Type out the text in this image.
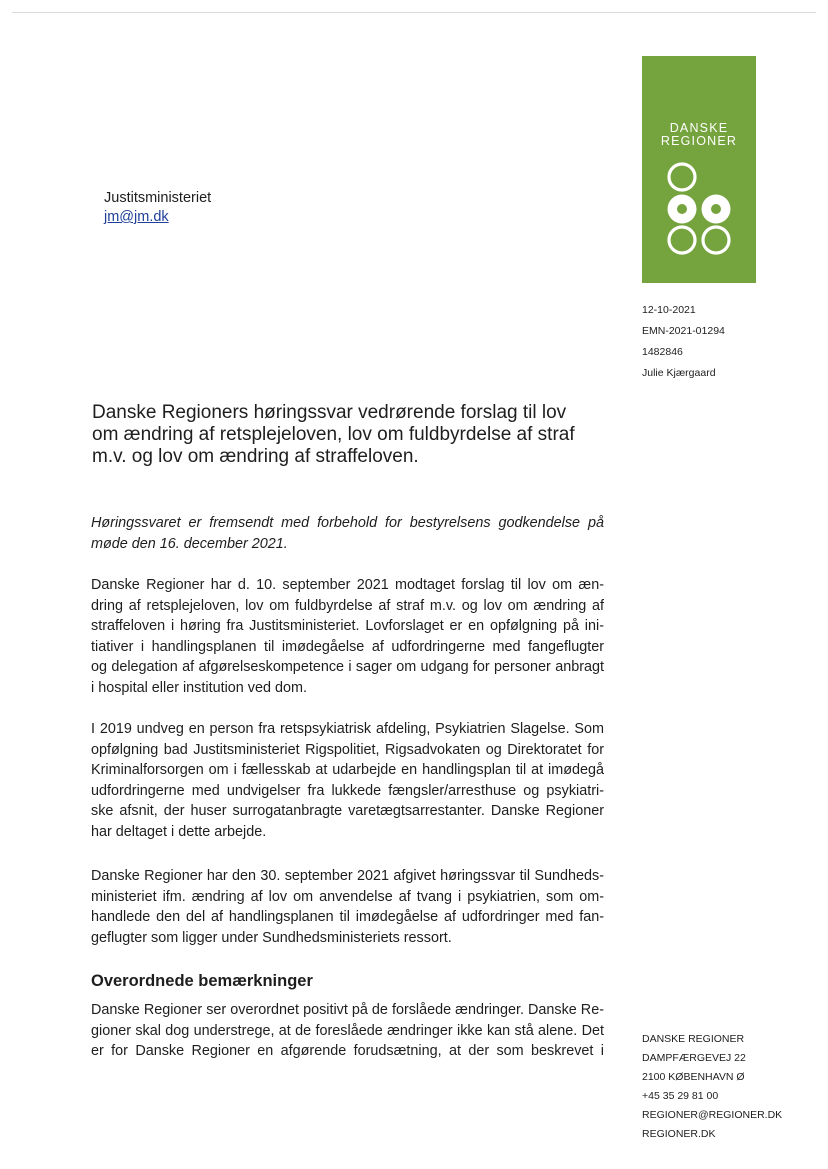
Justitsministeriet
jm@jm.dk
DANSKE
REGIONER
12-10-2021
EMN-2021-01294
1482846
Julie Kjærgaard
Danske Regioners høringssvar vedrørende forslag til lov om ændring af retsplejeloven, lov om fuldbyrdelse af straf m.v. og lov om ændring af straffeloven.
Høringssvaret er fremsendt med forbehold for bestyrelsens godkendelse på
møde den 16. december 2021.
Danske Regioner har d. 10. september 2021 modtaget forslag til lov om æn-
dring af retsplejeloven, lov om fuldbyrdelse af straf m.v. og lov om ændring af
straffeloven i høring fra Justitsministeriet. Lovforslaget er en opfølgning på ini-
tiativer i handlingsplanen til imødegåelse af udfordringerne med fangeflugter
og delegation af afgørelseskompetence i sager om udgang for personer anbragt
i hospital eller institution ved dom.
I 2019 undveg en person fra retspsykiatrisk afdeling, Psykiatrien Slagelse. Som
opfølgning bad Justitsministeriet Rigspolitiet, Rigsadvokaten og Direktoratet for
Kriminalforsorgen om i fællesskab at udarbejde en handlingsplan til at imødegå
udfordringerne med undvigelser fra lukkede fængsler/arresthuse og psykiatri-
ske afsnit, der huser surrogatanbragte varetægtsarrestanter. Danske Regioner
har deltaget i dette arbejde.
Danske Regioner har den 30. september 2021 afgivet høringssvar til Sundheds-
ministeriet ifm. ændring af lov om anvendelse af tvang i psykiatrien, som om-
handlede den del af handlingsplanen til imødegåelse af udfordringer med fan-
geflugter som ligger under Sundhedsministeriets ressort.
Overordnede bemærkninger
Danske Regioner ser overordnet positivt på de forslåede ændringer. Danske Re-
gioner skal dog understrege, at de foreslåede ændringer ikke kan stå alene. Det
er for Danske Regioner en afgørende forudsætning, at der som beskrevet i
DANSKE REGIONER
DAMPFÆRGEVEJ 22
2100 KØBENHAVN Ø
+45 35 29 81 00
REGIONER@REGIONER.DK
REGIONER.DK
